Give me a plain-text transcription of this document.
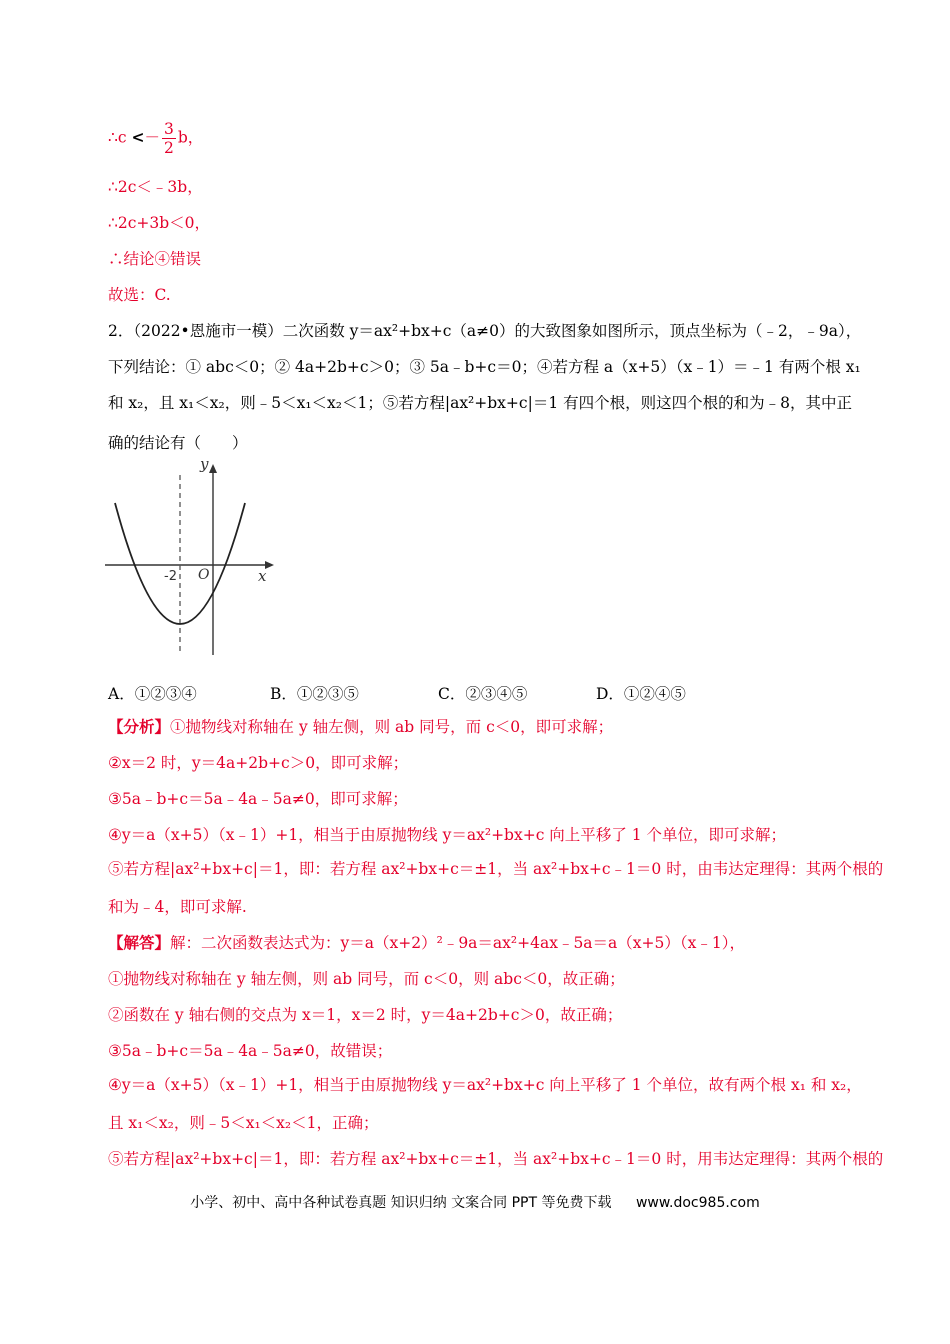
∴c <－ $\frac{3}{2}$ b，
∴2c＜﹣3b，
∴2c+3b＜0，
∴结论④错误
故选：C.
2．（2022•恩施市一模）二次函数 y＝ax²+bx+c（a≠0）的大致图象如图所示，顶点坐标为（﹣2，﹣9a），
下列结论：① abc＜0；② 4a+2b+c＞0；③ 5a﹣b+c＝0；④若方程 a（x+5）（x﹣1）＝﹣1 有两个根 x₁
和 x₂，且 x₁＜x₂，则﹣5＜x₁＜x₂＜1；⑤若方程|ax²+bx+c|＝1 有四个根，则这四个根的和为﹣8，其中正
确的结论有（　　）
y
x
O
-2
A．①②③④	B．①②③⑤	C．②③④⑤	D．①②④⑤
【分析】①抛物线对称轴在 y 轴左侧，则 ab 同号，而 c＜0，即可求解；
②x＝2 时，y＝4a+2b+c＞0，即可求解；
③5a﹣b+c＝5a﹣4a﹣5a≠0，即可求解；
④y＝a（x+5）（x﹣1）+1，相当于由原抛物线 y＝ax²+bx+c 向上平移了 1 个单位，即可求解；
⑤若方程|ax²+bx+c|＝1，即：若方程 ax²+bx+c＝±1，当 ax²+bx+c﹣1＝0 时，由韦达定理得：其两个根的
和为﹣4，即可求解.
【解答】解：二次函数表达式为：y＝a（x+2）²﹣9a＝ax²+4ax﹣5a＝a（x+5）（x﹣1），
①抛物线对称轴在 y 轴左侧，则 ab 同号，而 c＜0，则 abc＜0，故正确；
②函数在 y 轴右侧的交点为 x＝1，x＝2 时，y＝4a+2b+c＞0，故正确；
③5a﹣b+c＝5a﹣4a﹣5a≠0，故错误；
④y＝a（x+5）（x﹣1）+1，相当于由原抛物线 y＝ax²+bx+c 向上平移了 1 个单位，故有两个根 x₁ 和 x₂，
且 x₁＜x₂，则﹣5＜x₁＜x₂＜1，正确；
⑤若方程|ax²+bx+c|＝1，即：若方程 ax²+bx+c＝±1，当 ax²+bx+c﹣1＝0 时，用韦达定理得：其两个根的
小学、初中、高中各种试卷真题 知识归纳 文案合同 PPT 等免费下载 www.doc985.com
